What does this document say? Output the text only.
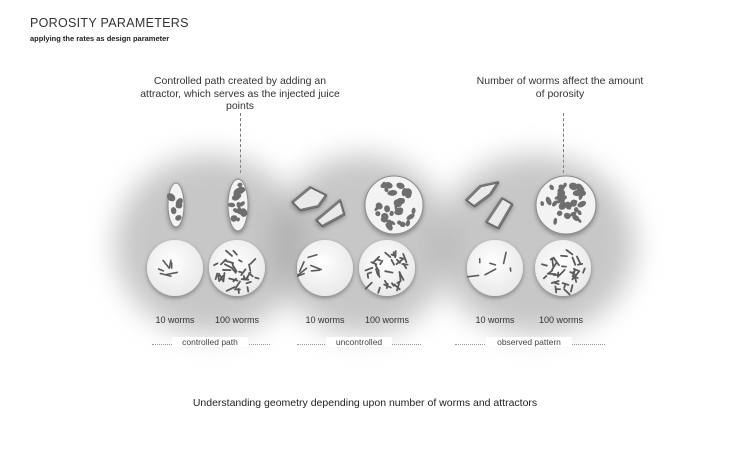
POROSITY PARAMETERS
applying the rates as design parameter
Controlled path created by adding an attractor, which serves as the injected juice points
Number of worms affect the amount of porosity
10 worms	100 worms	10 worms	100 worms	10 worms	100 worms
controlled path	uncontrolled	observed pattern
Understanding geometry depending upon number of worms and attractors
